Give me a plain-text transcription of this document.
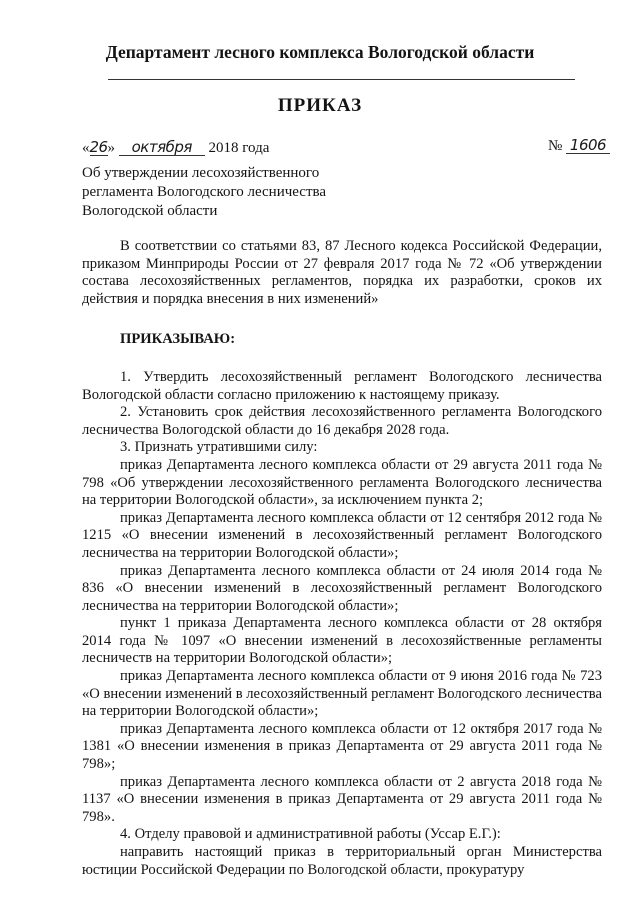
Департамент лесного комплекса Вологодской области
ПРИКАЗ
«26» октября 2018 года	№ 1606
Об утверждении лесохозяйственного
регламента Вологодского лесничества
Вологодской области

В соответствии со статьями 83, 87 Лесного кодекса Российской Федерации, приказом Минприроды России от 27 февраля 2017 года № 72 «Об утверждении состава лесохозяйственных регламентов, порядка их разработки, сроков их действия и порядка внесения в них изменений»

ПРИКАЗЫВАЮ:

1. Утвердить лесохозяйственный регламент Вологодского лесничества Вологодской области согласно приложению к настоящему приказу.

2. Установить срок действия лесохозяйственного регламента Вологодского лесничества Вологодской области до 16 декабря 2028 года.

3. Признать утратившими силу:

приказ Департамента лесного комплекса области от 29 августа 2011 года № 798 «Об утверждении лесохозяйственного регламента Вологодского лесничества на территории Вологодской области», за исключением пункта 2;

приказ Департамента лесного комплекса области от 12 сентября 2012 года № 1215 «О внесении изменений в лесохозяйственный регламент Вологодского лесничества на территории Вологодской области»;

приказ Департамента лесного комплекса области от 24 июля 2014 года № 836 «О внесении изменений в лесохозяйственный регламент Вологодского лесничества на территории Вологодской области»;

пункт 1 приказа Департамента лесного комплекса области от 28 октября 2014 года № 1097 «О внесении изменений в лесохозяйственные регламенты лесничеств на территории Вологодской области»;

приказ Департамента лесного комплекса области от 9 июня 2016 года № 723 «О внесении изменений в лесохозяйственный регламент Вологодского лесничества на территории Вологодской области»;

приказ Департамента лесного комплекса области от 12 октября 2017 года № 1381 «О внесении изменения в приказ Департамента от 29 августа 2011 года № 798»;

приказ Департамента лесного комплекса области от 2 августа 2018 года № 1137 «О внесении изменения в приказ Департамента от 29 августа 2011 года № 798».

4. Отделу правовой и административной работы (Уссар Е.Г.):

направить настоящий приказ в территориальный орган Министерства юстиции Российской Федерации по Вологодской области, прокуратуру
